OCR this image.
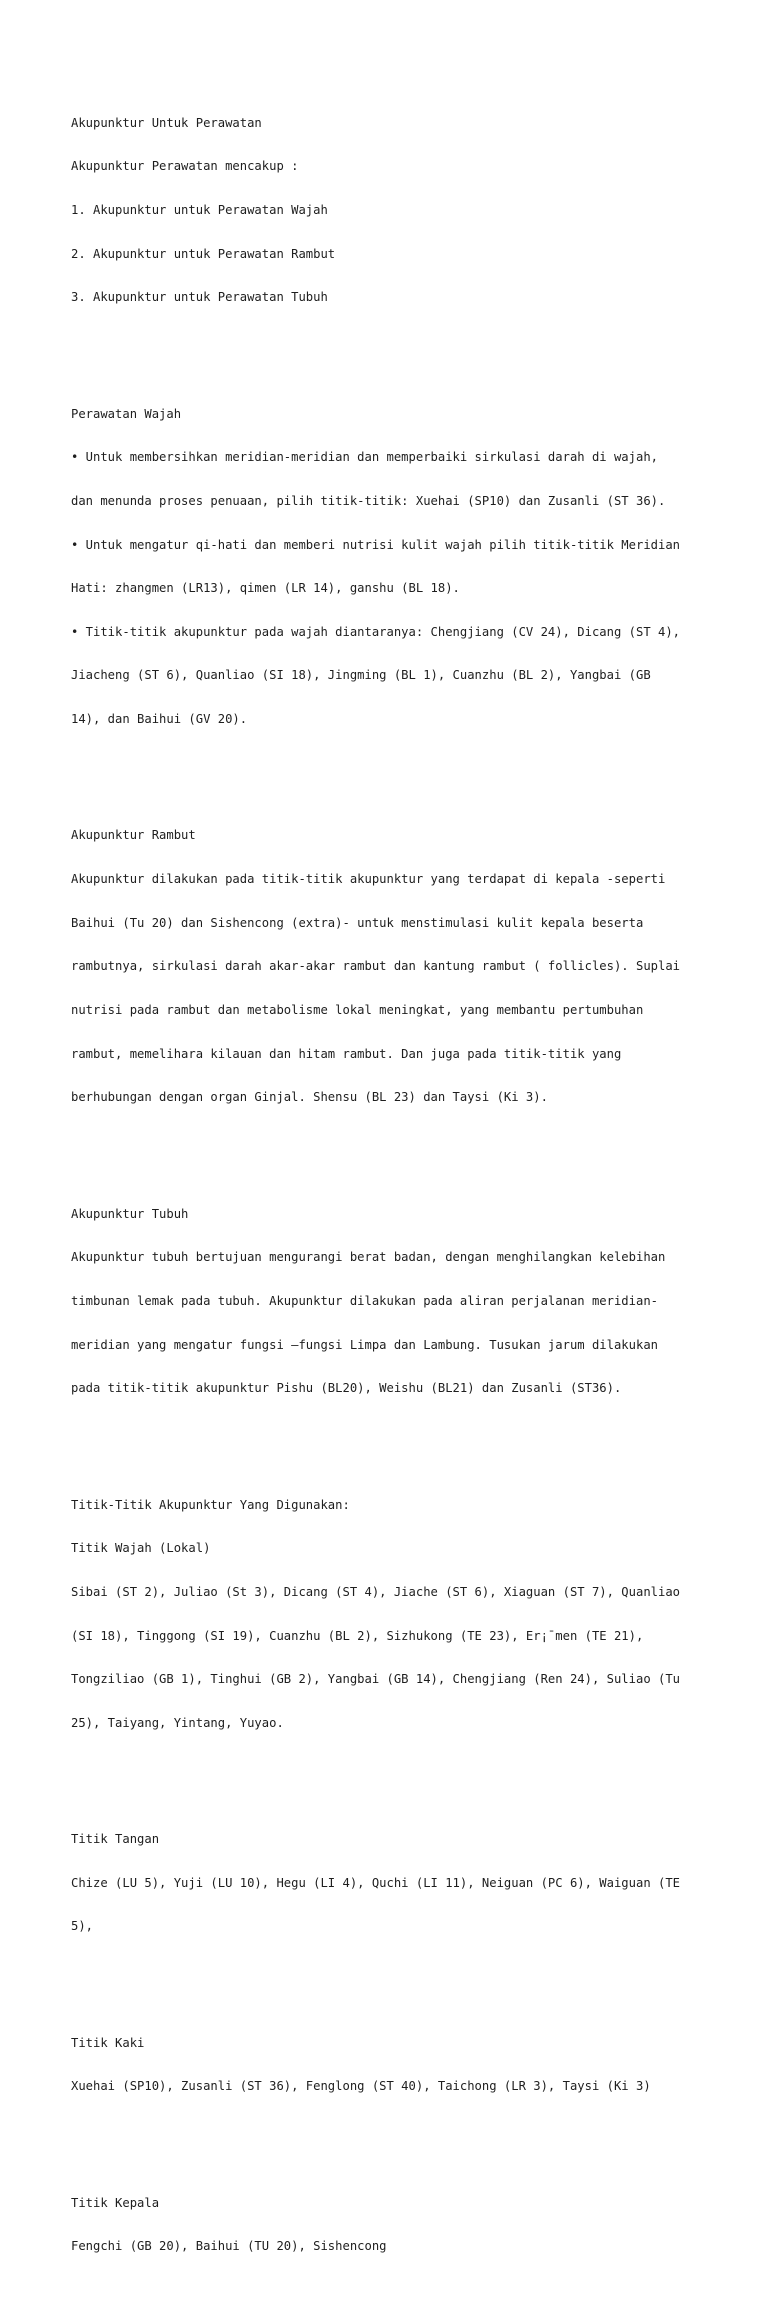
Akupunktur Untuk Perawatan

Akupunktur Perawatan mencakup :

1. Akupunktur untuk Perawatan Wajah

2. Akupunktur untuk Perawatan Rambut

3. Akupunktur untuk Perawatan Tubuh

Perawatan Wajah

• Untuk membersihkan meridian-meridian dan memperbaiki sirkulasi darah di wajah,

dan menunda proses penuaan, pilih titik-titik: Xuehai (SP10) dan Zusanli (ST 36).

• Untuk mengatur qi-hati dan memberi nutrisi kulit wajah pilih titik-titik Meridian

Hati: zhangmen (LR13), qimen (LR 14), ganshu (BL 18).

• Titik-titik akupunktur pada wajah diantaranya: Chengjiang (CV 24), Dicang (ST 4),

Jiacheng (ST 6), Quanliao (SI 18), Jingming (BL 1), Cuanzhu (BL 2), Yangbai (GB

14), dan Baihui (GV 20).

Akupunktur Rambut

Akupunktur dilakukan pada titik-titik akupunktur yang terdapat di kepala -seperti

Baihui (Tu 20) dan Sishencong (extra)- untuk menstimulasi kulit kepala beserta

rambutnya, sirkulasi darah akar-akar rambut dan kantung rambut ( follicles). Suplai

nutrisi pada rambut dan metabolisme lokal meningkat, yang membantu pertumbuhan

rambut, memelihara kilauan dan hitam rambut. Dan juga pada titik-titik yang

berhubungan dengan organ Ginjal. Shensu (BL 23) dan Taysi (Ki 3).

Akupunktur Tubuh

Akupunktur tubuh bertujuan mengurangi berat badan, dengan menghilangkan kelebihan

timbunan lemak pada tubuh. Akupunktur dilakukan pada aliran perjalanan meridian-

meridian yang mengatur fungsi –fungsi Limpa dan Lambung. Tusukan jarum dilakukan

pada titik-titik akupunktur Pishu (BL20), Weishu (BL21) dan Zusanli (ST36).

Titik-Titik Akupunktur Yang Digunakan:

Titik Wajah (Lokal)

Sibai (ST 2), Juliao (St 3), Dicang (ST 4), Jiache (ST 6), Xiaguan (ST 7), Quanliao

(SI 18), Tinggong (SI 19), Cuanzhu (BL 2), Sizhukong (TE 23), Er¡¯men (TE 21),

Tongziliao (GB 1), Tinghui (GB 2), Yangbai (GB 14), Chengjiang (Ren 24), Suliao (Tu

25), Taiyang, Yintang, Yuyao.

Titik Tangan

Chize (LU 5), Yuji (LU 10), Hegu (LI 4), Quchi (LI 11), Neiguan (PC 6), Waiguan (TE

5),

Titik Kaki

Xuehai (SP10), Zusanli (ST 36), Fenglong (ST 40), Taichong (LR 3), Taysi (Ki 3)

Titik Kepala

Fengchi (GB 20), Baihui (TU 20), Sishencong
